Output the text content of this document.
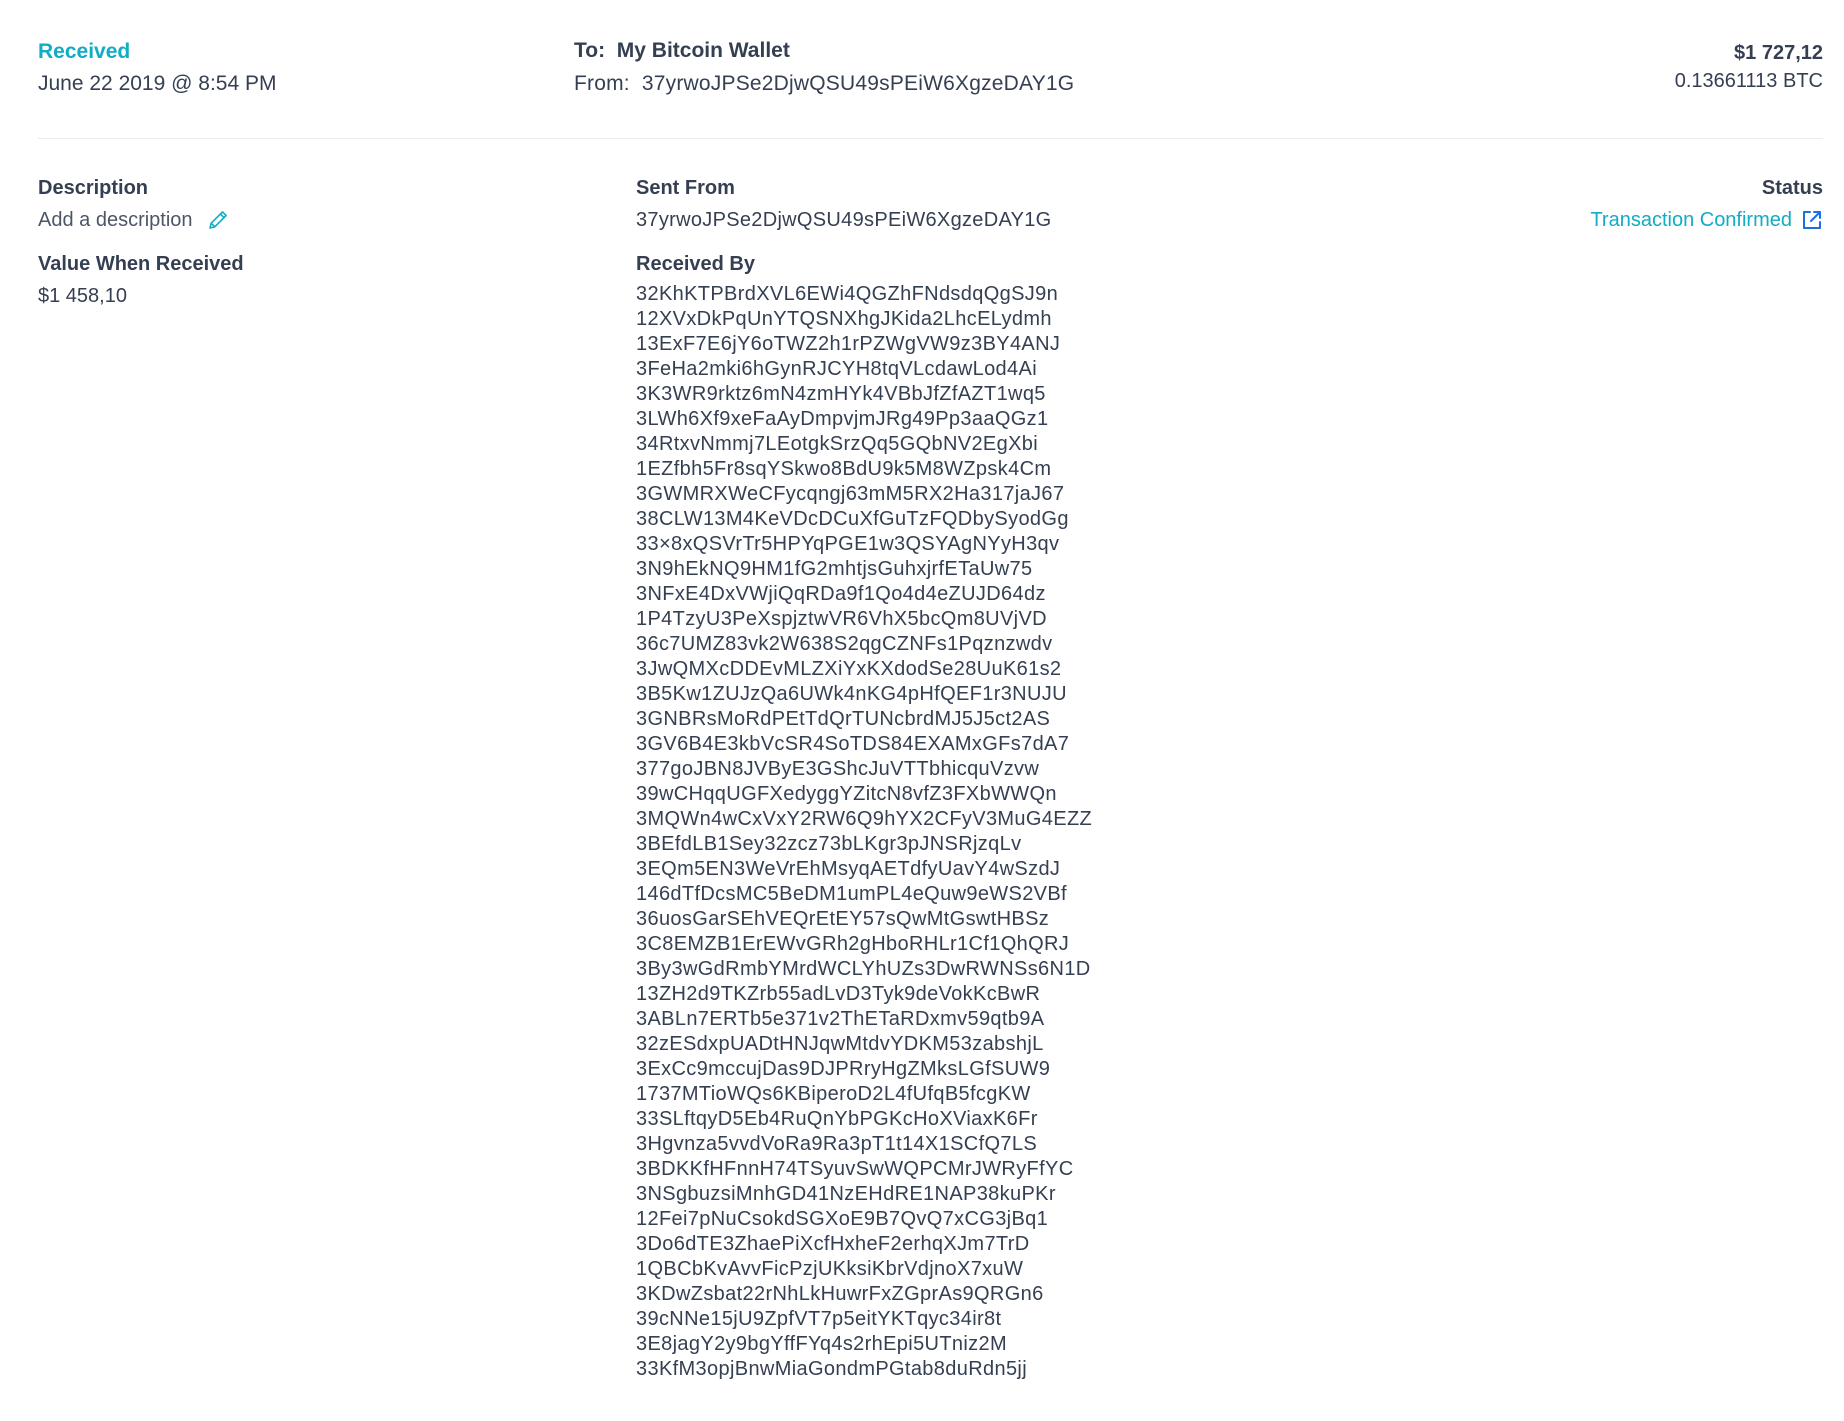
Received
June 22 2019 @ 8:54 PM
To: My Bitcoin Wallet
From: 37yrwoJPSe2DjwQSU49sPEiW6XgzeDAY1G
$1 727,12
0.13661113 BTC
Description
Add a description
Value When Received
$1 458,10
Sent From
37yrwoJPSe2DjwQSU49sPEiW6XgzeDAY1G
Received By
32KhKTPBrdXVL6EWi4QGZhFNdsdqQgSJ9n
12XVxDkPqUnYTQSNXhgJKida2LhcELydmh
13ExF7E6jY6oTWZ2h1rPZWgVW9z3BY4ANJ
3FeHa2mki6hGynRJCYH8tqVLcdawLod4Ai
3K3WR9rktz6mN4zmHYk4VBbJfZfAZT1wq5
3LWh6Xf9xeFaAyDmpvjmJRg49Pp3aaQGz1
34RtxvNmmj7LEotgkSrzQq5GQbNV2EgXbi
1EZfbh5Fr8sqYSkwo8BdU9k5M8WZpsk4Cm
3GWMRXWeCFycqngj63mM5RX2Ha317jaJ67
38CLW13M4KeVDcDCuXfGuTzFQDbySyodGg
33×8xQSVrTr5HPYqPGE1w3QSYAgNYyH3qv
3N9hEkNQ9HM1fG2mhtjsGuhxjrfETaUw75
3NFxE4DxVWjiQqRDa9f1Qo4d4eZUJD64dz
1P4TzyU3PeXspjztwVR6VhX5bcQm8UVjVD
36c7UMZ83vk2W638S2qgCZNFs1Pqznzwdv
3JwQMXcDDEvMLZXiYxKXdodSe28UuK61s2
3B5Kw1ZUJzQa6UWk4nKG4pHfQEF1r3NUJU
3GNBRsMoRdPEtTdQrTUNcbrdMJ5J5ct2AS
3GV6B4E3kbVcSR4SoTDS84EXAMxGFs7dA7
377goJBN8JVByE3GShcJuVTTbhicquVzvw
39wCHqqUGFXedyggYZitcN8vfZ3FXbWWQn
3MQWn4wCxVxY2RW6Q9hYX2CFyV3MuG4EZZ
3BEfdLB1Sey32zcz73bLKgr3pJNSRjzqLv
3EQm5EN3WeVrEhMsyqAETdfyUavY4wSzdJ
146dTfDcsMC5BeDM1umPL4eQuw9eWS2VBf
36uosGarSEhVEQrEtEY57sQwMtGswtHBSz
3C8EMZB1ErEWvGRh2gHboRHLr1Cf1QhQRJ
3By3wGdRmbYMrdWCLYhUZs3DwRWNSs6N1D
13ZH2d9TKZrb55adLvD3Tyk9deVokKcBwR
3ABLn7ERTb5e371v2ThETaRDxmv59qtb9A
32zESdxpUADtHNJqwMtdvYDKM53zabshjL
3ExCc9mccujDas9DJPRryHgZMksLGfSUW9
1737MTioWQs6KBiperoD2L4fUfqB5fcgKW
33SLftqyD5Eb4RuQnYbPGKcHoXViaxK6Fr
3Hgvnza5vvdVoRa9Ra3pT1t14X1SCfQ7LS
3BDKKfHFnnH74TSyuvSwWQPCMrJWRyFfYC
3NSgbuzsiMnhGD41NzEHdRE1NAP38kuPKr
12Fei7pNuCsokdSGXoE9B7QvQ7xCG3jBq1
3Do6dTE3ZhaePiXcfHxheF2erhqXJm7TrD
1QBCbKvAvvFicPzjUKksiKbrVdjnoX7xuW
3KDwZsbat22rNhLkHuwrFxZGprAs9QRGn6
39cNNe15jU9ZpfVT7p5eitYKTqyc34ir8t
3E8jagY2y9bgYffFYq4s2rhEpi5UTniz2M
33KfM3opjBnwMiaGondmPGtab8duRdn5jj
Status
Transaction Confirmed
